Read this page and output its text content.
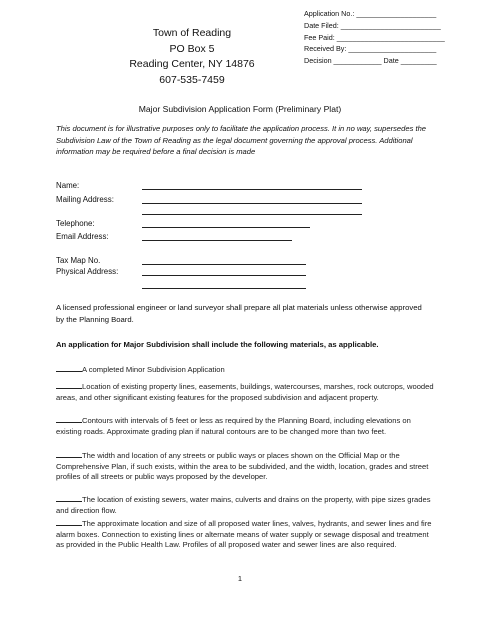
Town of Reading
PO Box 5
Reading Center, NY 14876
607-535-7459
Application No.: ____________________
Date Filed: _________________________
Fee Paid: ___________________________
Received By: ______________________
Decision ____________ Date _________
Major Subdivision Application Form (Preliminary Plat)
This document is for illustrative purposes only to facilitate the application process. It in no way, supersedes the Subdivision Law of the Town of Reading as the legal document governing the approval process. Additional information may be required before a final decision is made
Name:
Mailing Address:
Telephone:
Email Address:
Tax Map No.
Physical Address:
A licensed professional engineer or land surveyor shall prepare all plat materials unless otherwise approved by the Planning Board.
An application for Major Subdivision shall include the following materials, as applicable.
A completed Minor Subdivision Application
Location of existing property lines, easements, buildings, watercourses, marshes, rock outcrops, wooded areas, and other significant existing features for the proposed subdivision and adjacent property.
Contours with intervals of 5 feet or less as required by the Planning Board, including elevations on existing roads. Approximate grading plan if natural contours are to be changed more than two feet.
The width and location of any streets or public ways or places shown on the Official Map or the Comprehensive Plan, if such exists, within the area to be subdivided, and the width, location, grades and street profiles of all streets or public ways proposed by the developer.
The location of existing sewers, water mains, culverts and drains on the property, with pipe sizes grades and direction flow.
The approximate location and size of all proposed water lines, valves, hydrants, and sewer lines and fire alarm boxes. Connection to existing lines or alternate means of water supply or sewage disposal and treatment as provided in the Public Health Law. Profiles of all proposed water and sewer lines are also required.
1
